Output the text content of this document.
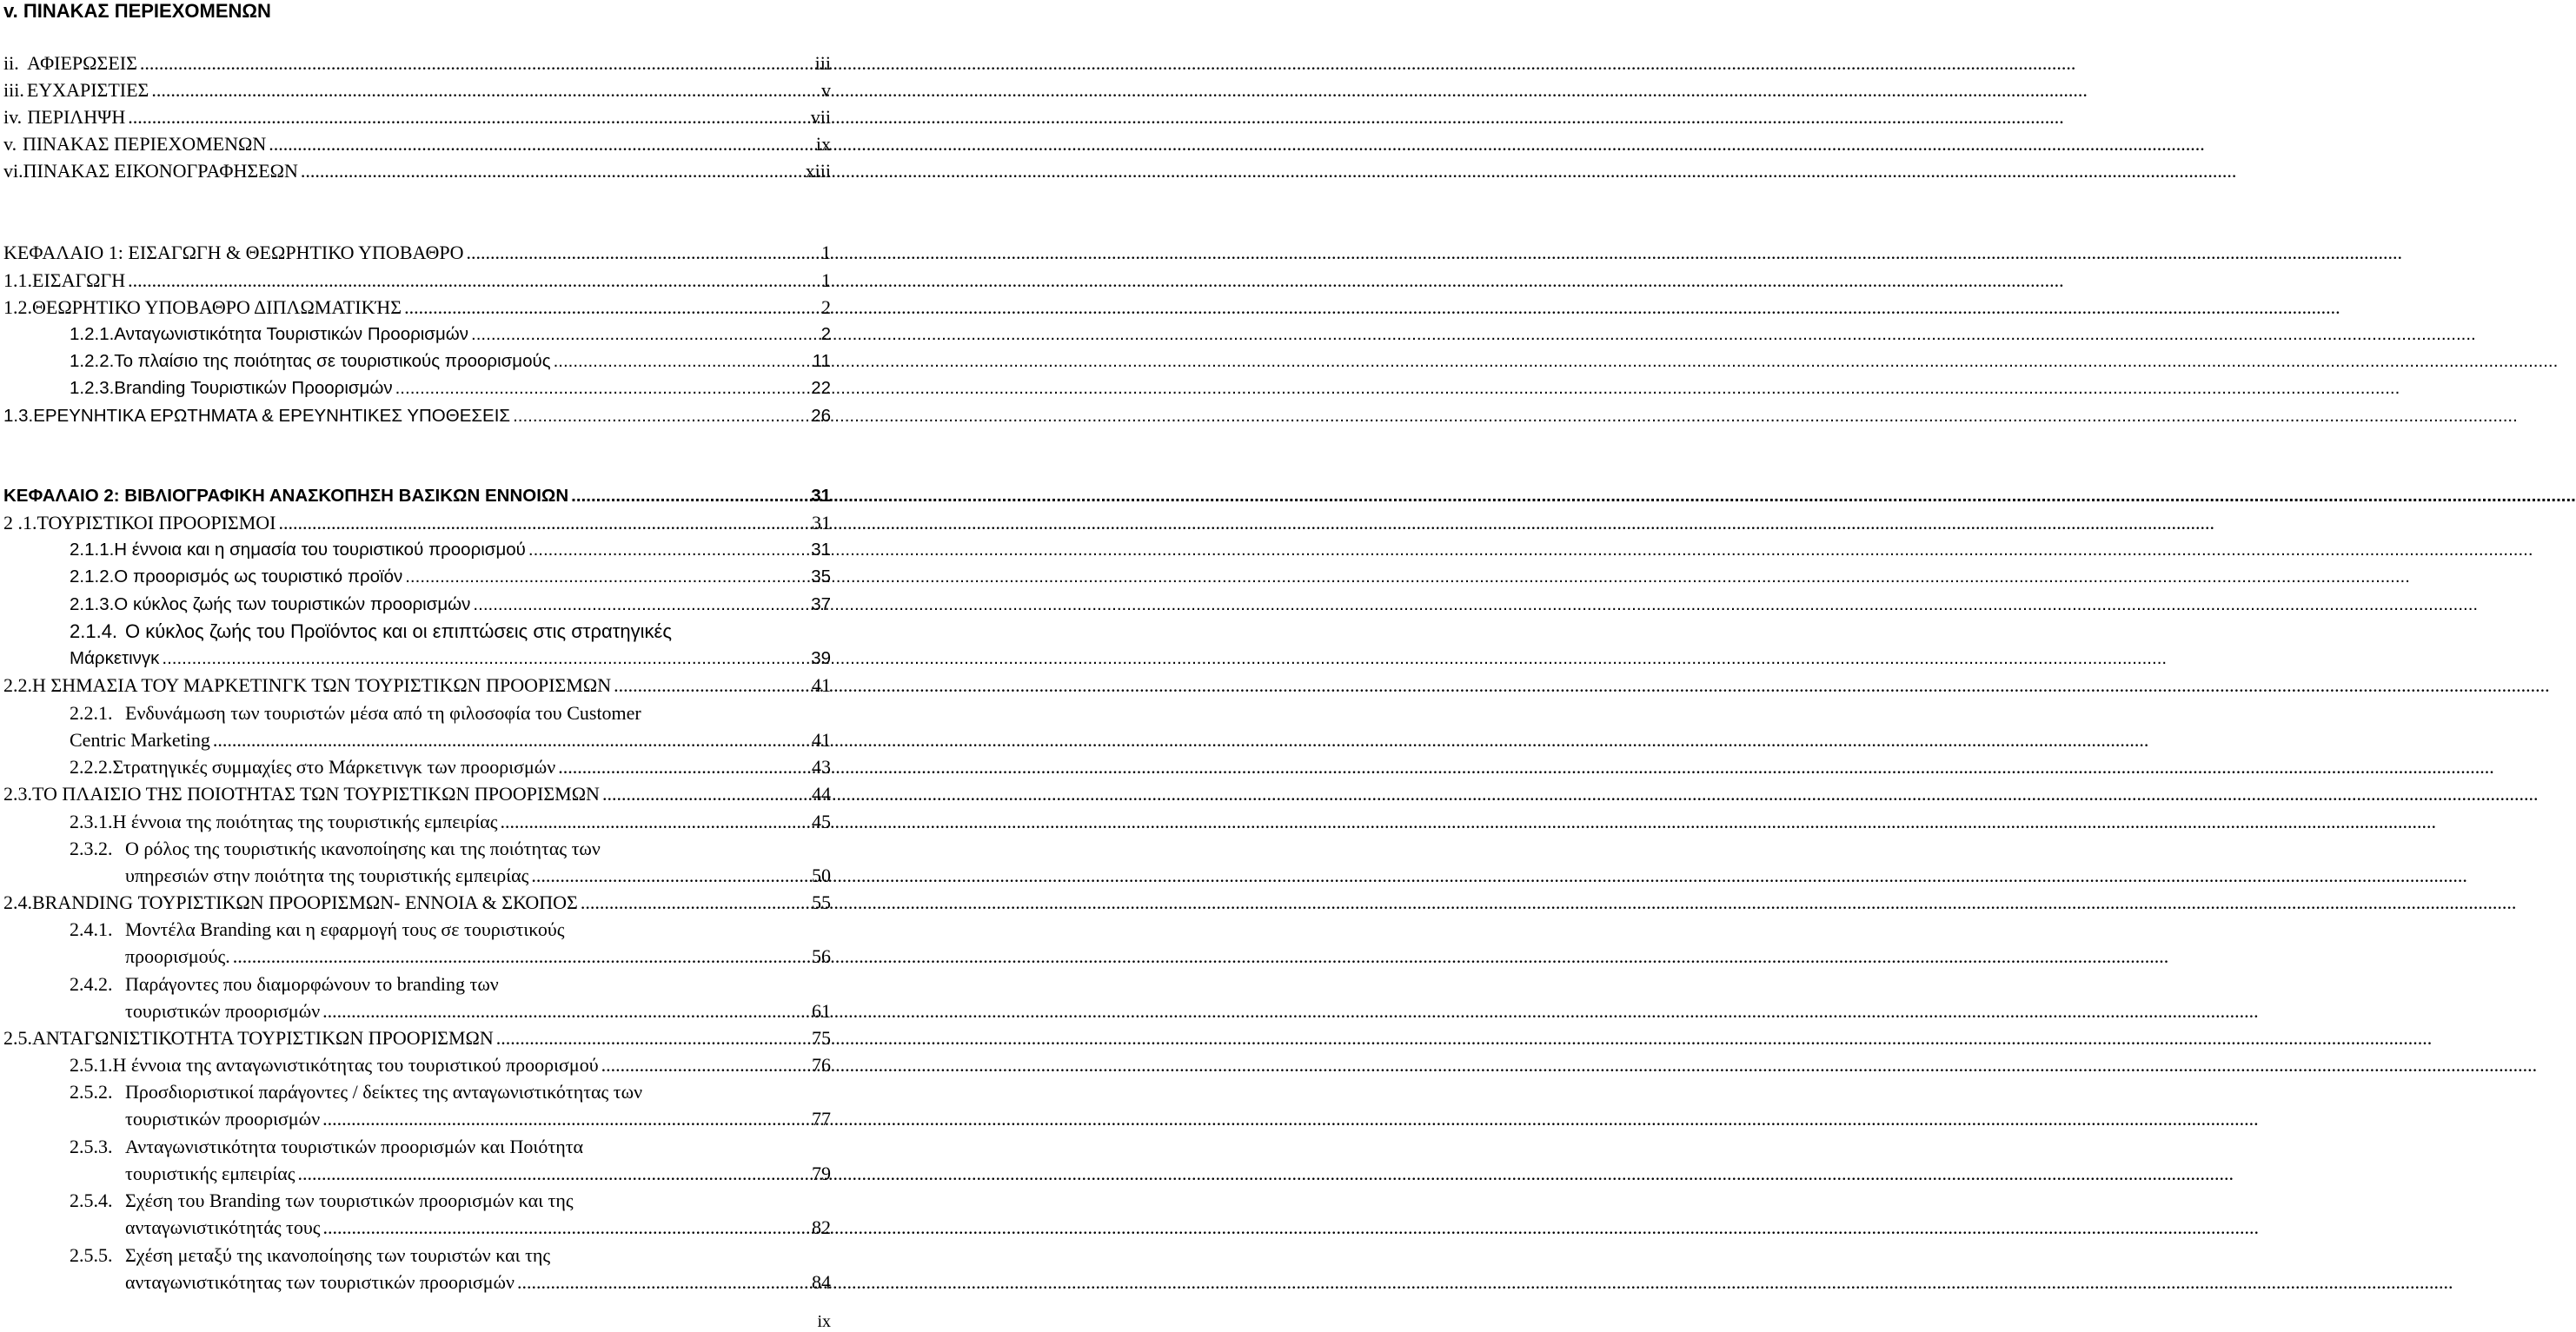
v. ΠΙΝΑΚΑΣ ΠΕΡΙΕΧΟΜΕΝΩΝ
ii. ΑΦΙΕΡΩΣΕΙΣ .....	iii
iii. ΕΥΧΑΡΙΣΤΙΕΣ .....	v
iv. ΠΕΡΙΛΗΨΗ .....	vii
v. ΠΙΝΑΚΑΣ ΠΕΡΙΕΧΟΜΕΝΩΝ .....	ix
vi. ΠΙΝΑΚΑΣ ΕΙΚΟΝΟΓΡΑΦΗΣΕΩΝ .....	xiii
ΚΕΦΑΛΑΙΟ 1: ΕΙΣΑΓΩΓΗ & ΘΕΩΡΗΤΙΚΟ ΥΠΟΒΑΘΡΟ .....	1
1.1. ΕΙΣΑΓΩΓΗ .....	1
1.2. ΘΕΩΡΗΤΙΚΟ ΥΠΟΒΑΘΡΟ ΔΙΠΛΩΜΑΤΙΚΉΣ .....	2
1.2.1. Ανταγωνιστικότητα Τουριστικών Προορισμών .....	2
1.2.2. Το πλαίσιο της ποιότητας σε τουριστικούς προορισμούς .....	11
1.2.3. Branding Τουριστικών Προορισμών .....	22
1.3. ΕΡΕΥΝΗΤΙΚΑ ΕΡΩΤΗΜΑΤΑ & ΕΡΕΥΝΗΤΙΚΕΣ ΥΠΟΘΕΣΕΙΣ .....	26
ΚΕΦΑΛΑΙΟ 2: ΒΙΒΛΙΟΓΡΑΦΙΚΗ ΑΝΑΣΚΟΠΗΣΗ ΒΑΣΙΚΩΝ ΕΝΝΟΙΩΝ .....	31
2 .1. ΤΟΥΡΙΣΤΙΚΟΙ ΠΡΟΟΡΙΣΜΟΙ .....	31
2.1.1. Η έννοια και η σημασία του τουριστικού προορισμού .....	31
2.1.2. Ο προορισμός ως τουριστικό προϊόν .....	35
2.1.3. Ο κύκλος ζωής των τουριστικών προορισμών .....	37
2.1.4. Ο κύκλος ζωής του Προϊόντος και οι επιπτώσεις στις στρατηγικές
Μάρκετινγκ .....	39
2.2. Η ΣΗΜΑΣΙΑ ΤΟΥ ΜΑΡΚΕΤΙΝΓΚ ΤΩΝ ΤΟΥΡΙΣΤΙΚΩΝ ΠΡΟΟΡΙΣΜΩΝ .....	41
2.2.1. Ενδυνάμωση των τουριστών μέσα από τη φιλοσοφία του Customer
Centric Marketing .....	41
2.2.2. Στρατηγικές συμμαχίες στο Μάρκετινγκ των προορισμών .....	43
2.3. ΤΟ ΠΛΑΙΣΙΟ ΤΗΣ ΠΟΙΟΤΗΤΑΣ ΤΩΝ ΤΟΥΡΙΣΤΙΚΩΝ ΠΡΟΟΡΙΣΜΩΝ .....	44
2.3.1. Η έννοια της ποιότητας της τουριστικής εμπειρίας .....	45
2.3.2. Ο ρόλος της τουριστικής ικανοποίησης και της ποιότητας των
υπηρεσιών στην ποιότητα της τουριστικής εμπειρίας .....	50
2.4. BRANDING ΤΟΥΡΙΣΤΙΚΩΝ ΠΡΟΟΡΙΣΜΩΝ- ΕΝΝΟΙΑ & ΣΚΟΠΟΣ .....	55
2.4.1. Μοντέλα Branding και η εφαρμογή τους σε τουριστικούς
προορισμούς. .....	56
2.4.2. Παράγοντες που διαμορφώνουν το branding των
τουριστικών προορισμών .....	61
2.5. ΑΝΤΑΓΩΝΙΣΤΙΚΟΤΗΤΑ ΤΟΥΡΙΣΤΙΚΩΝ ΠΡΟΟΡΙΣΜΩΝ .....	75
2.5.1. Η έννοια της ανταγωνιστικότητας του τουριστικού προορισμού .....	76
2.5.2. Προσδιοριστικοί παράγοντες / δείκτες της ανταγωνιστικότητας των
τουριστικών προορισμών .....	77
2.5.3. Ανταγωνιστικότητα τουριστικών προορισμών και Ποιότητα
τουριστικής εμπειρίας .....	79
2.5.4. Σχέση του Branding των τουριστικών προορισμών και της
ανταγωνιστικότητάς τους .....	82
2.5.5. Σχέση μεταξύ της ικανοποίησης των τουριστών και της
ανταγωνιστικότητας των τουριστικών προορισμών .....	84
ix
